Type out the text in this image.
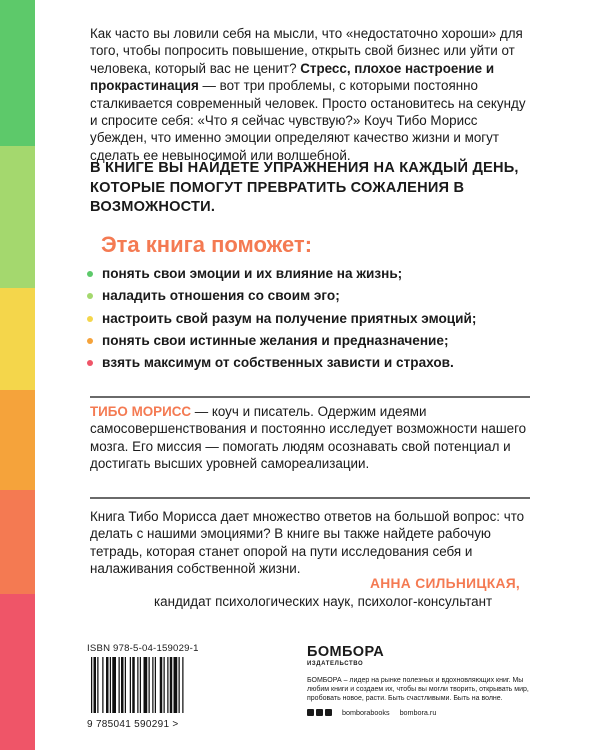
Как часто вы ловили себя на мысли, что «недостаточно хороши» для того, чтобы попросить повышение, открыть свой бизнес или уйти от человека, который вас не ценит? Стресс, плохое настроение и прокрастинация — вот три проблемы, с которыми постоянно сталкивается современный человек. Просто остановитесь на секунду и спросите себя: «Что я сейчас чувствую?» Коуч Тибо Морисс убежден, что именно эмоции определяют качество жизни и могут сделать ее невыносимой или волшебной.
В КНИГЕ ВЫ НАЙДЕТЕ УПРАЖНЕНИЯ НА КАЖДЫЙ ДЕНЬ, КОТОРЫЕ ПОМОГУТ ПРЕВРАТИТЬ СОЖАЛЕНИЯ В ВОЗМОЖНОСТИ.
Эта книга поможет:
понять свои эмоции и их влияние на жизнь;
наладить отношения со своим эго;
настроить свой разум на получение приятных эмоций;
понять свои истинные желания и предназначение;
взять максимум от собственных зависти и страхов.
ТИБО МОРИСС — коуч и писатель. Одержим идеями самосовершенствования и постоянно исследует возможности нашего мозга. Его миссия — помогать людям осознавать свой потенциал и достигать высших уровней самореализации.
Книга Тибо Морисса дает множество ответов на большой вопрос: что делать с нашими эмоциями? В книге вы также найдете рабочую тетрадь, которая станет опорой на пути исследования себя и налаживания собственной жизни.
АННА СИЛЬНИЦКАЯ,
кандидат психологических наук, психолог-консультант
ISBN 978-5-04-159029-1
9 785041 590291 >
БОМБОРА
ИЗДАТЕЛЬСТВО
БОМБОРА – лидер на рынке полезных и вдохновляющих книг. Мы любим книги и создаем их, чтобы вы могли творить, открывать мир, пробовать новое, расти. Быть счастливыми. Быть на волне.
bomborabooks bombora.ru
